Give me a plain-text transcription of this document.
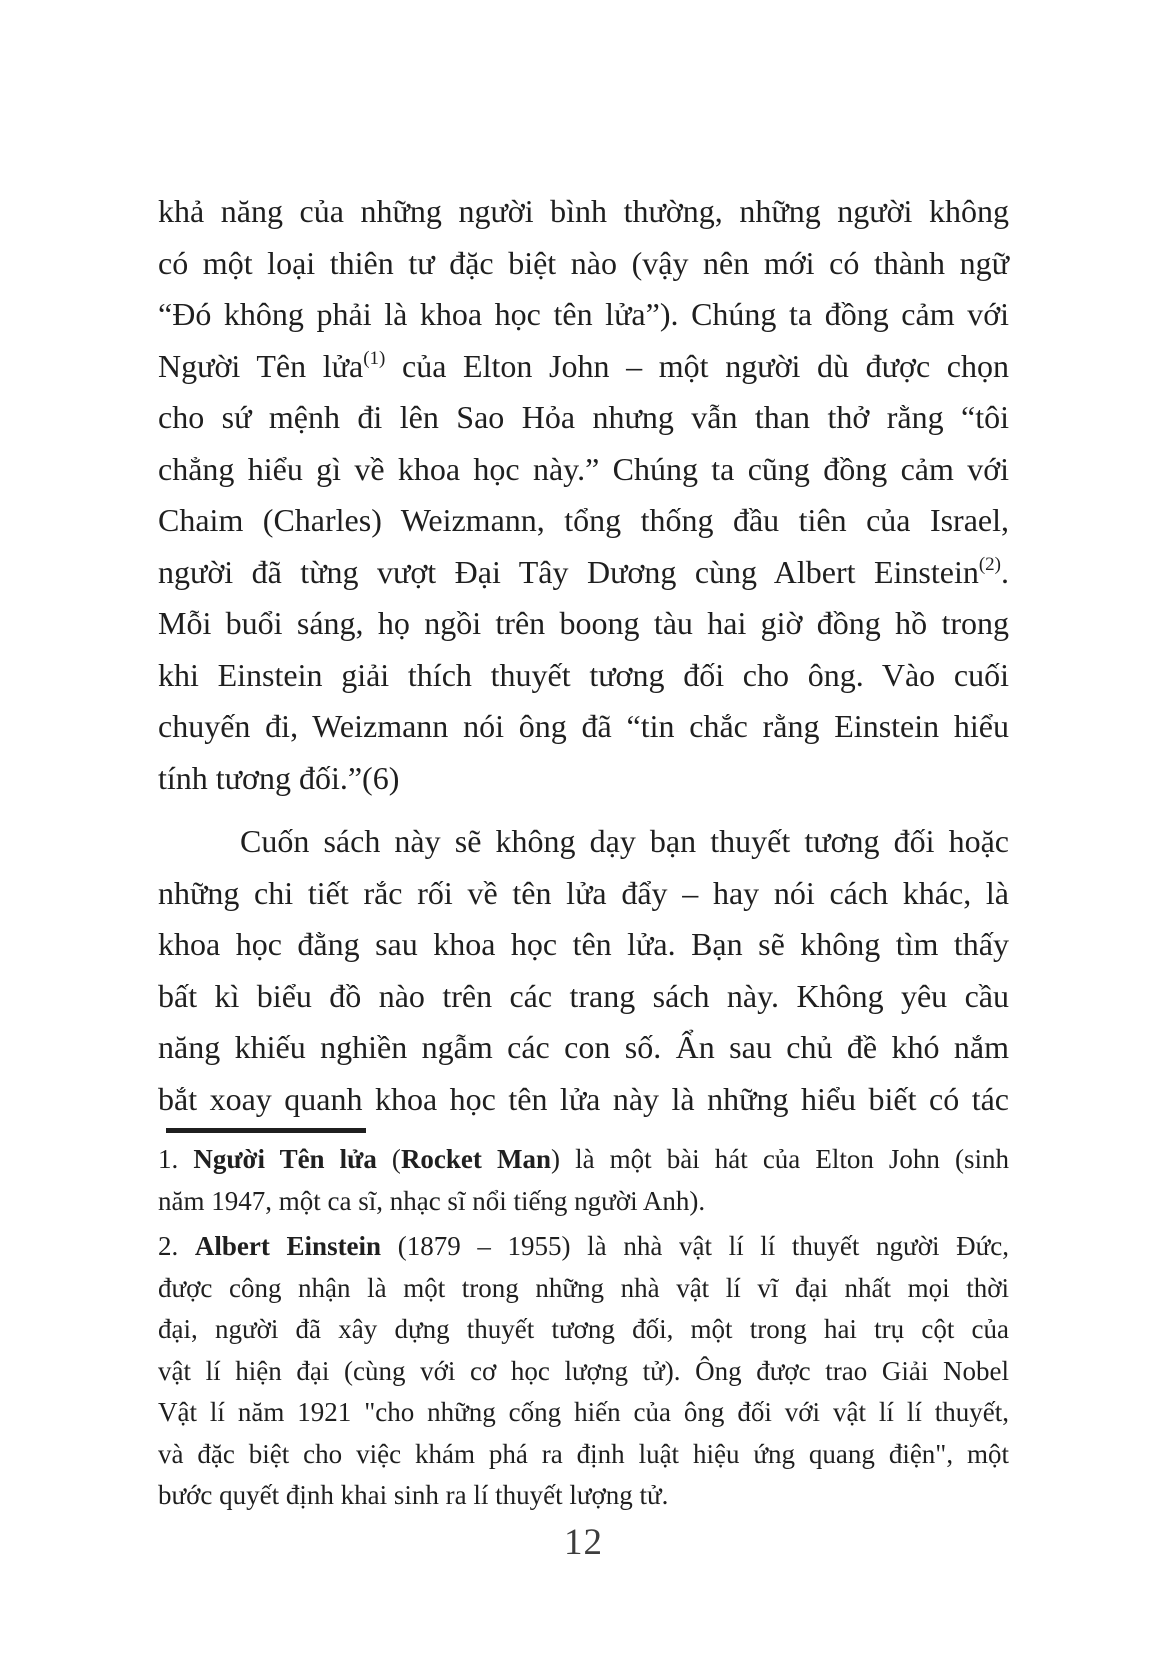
khả năng của những người bình thường, những người không
có một loại thiên tư đặc biệt nào (vậy nên mới có thành ngữ
“Đó không phải là khoa học tên lửa”). Chúng ta đồng cảm với
Người Tên lửa$^{(1)}$ của Elton John – một người dù được chọn
cho sứ mệnh đi lên Sao Hỏa nhưng vẫn than thở rằng “tôi
chẳng hiểu gì về khoa học này.” Chúng ta cũng đồng cảm với
Chaim (Charles) Weizmann, tổng thống đầu tiên của Israel,
người đã từng vượt Đại Tây Dương cùng Albert Einstein$^{(2)}$.
Mỗi buổi sáng, họ ngồi trên boong tàu hai giờ đồng hồ trong
khi Einstein giải thích thuyết tương đối cho ông. Vào cuối
chuyến đi, Weizmann nói ông đã “tin chắc rằng Einstein hiểu
tính tương đối.”(6)
Cuốn sách này sẽ không dạy bạn thuyết tương đối hoặc
những chi tiết rắc rối về tên lửa đẩy – hay nói cách khác, là
khoa học đằng sau khoa học tên lửa. Bạn sẽ không tìm thấy
bất kì biểu đồ nào trên các trang sách này. Không yêu cầu
năng khiếu nghiền ngẫm các con số. Ẩn sau chủ đề khó nắm
bắt xoay quanh khoa học tên lửa này là những hiểu biết có tác
1. Người Tên lửa (Rocket Man) là một bài hát của Elton John (sinh
năm 1947, một ca sĩ, nhạc sĩ nổi tiếng người Anh).
2. Albert Einstein (1879 – 1955) là nhà vật lí lí thuyết người Đức,
được công nhận là một trong những nhà vật lí vĩ đại nhất mọi thời
đại, người đã xây dựng thuyết tương đối, một trong hai trụ cột của
vật lí hiện đại (cùng với cơ học lượng tử). Ông được trao Giải Nobel
Vật lí năm 1921 "cho những cống hiến của ông đối với vật lí lí thuyết,
và đặc biệt cho việc khám phá ra định luật hiệu ứng quang điện", một
bước quyết định khai sinh ra lí thuyết lượng tử.
12
